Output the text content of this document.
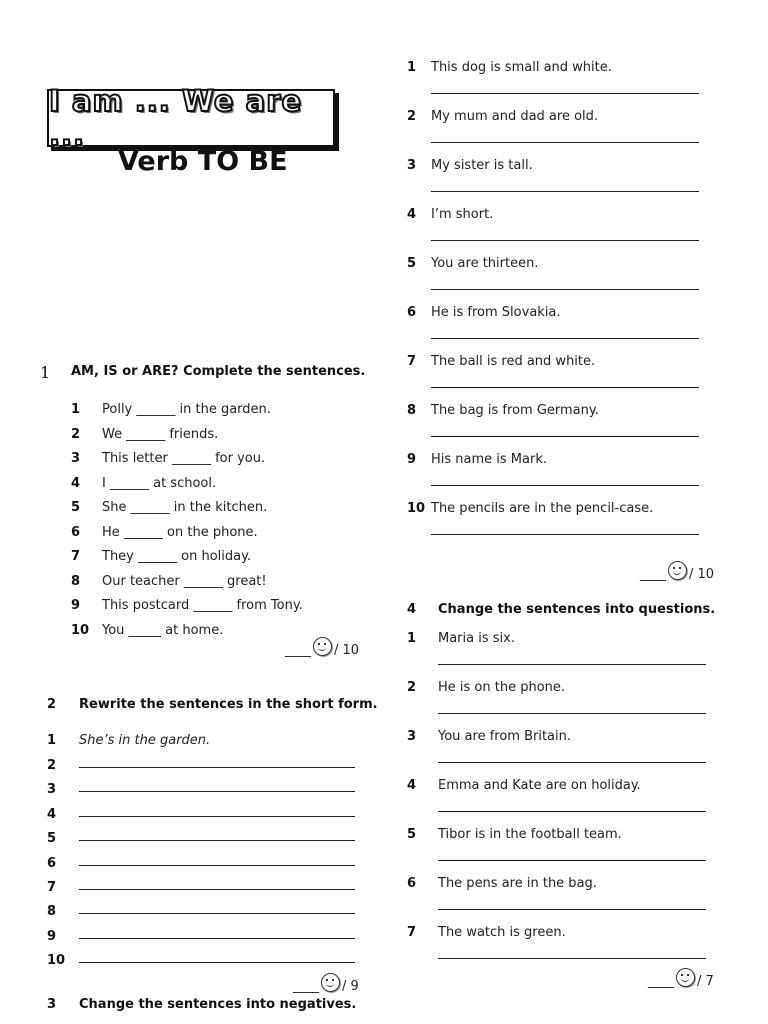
I am ... We are ...
Verb TO BE
1 AM, IS or ARE? Complete the sentences.
1 Polly ______ in the garden.
2 We ______ friends.
3 This letter ______ for you.
4 I ______ at school.
5 She ______ in the kitchen.
6 He ______ on the phone.
7 They ______ on holiday.
8 Our teacher ______ great!
9 This postcard ______ from Tony.
10 You _____ at home.
____ / 10
2 Rewrite the sentences in the short form.
1 She’s in the garden.
2
3
4
5
6
7
8
9
10
____ / 9
3 Change the sentences into negatives.
1 This dog is small and white.
2 My mum and dad are old.
3 My sister is tall.
4 I’m short.
5 You are thirteen.
6 He is from Slovakia.
7 The ball is red and white.
8 The bag is from Germany.
9 His name is Mark.
10 The pencils are in the pencil-case.
____ / 10
4 Change the sentences into questions.
1 Maria is six.
2 He is on the phone.
3 You are from Britain.
4 Emma and Kate are on holiday.
5 Tibor is in the football team.
6 The pens are in the bag.
7 The watch is green.
____ / 7
